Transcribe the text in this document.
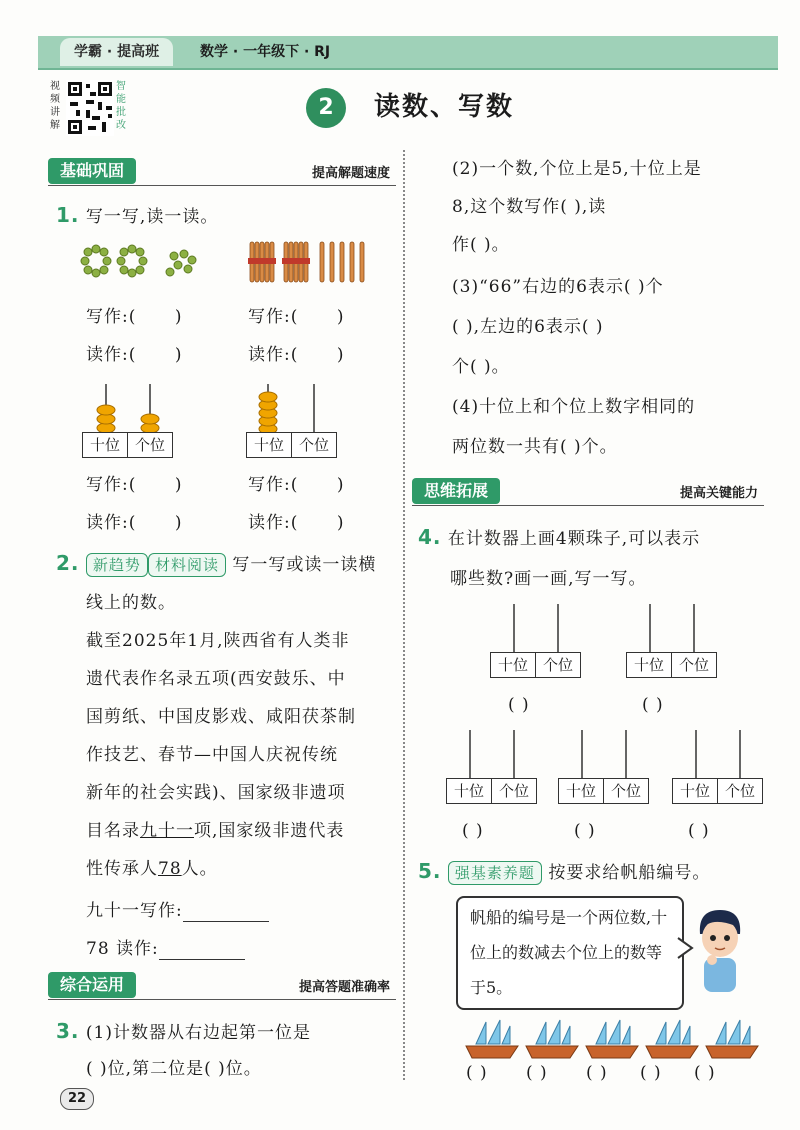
学霸 · 提高班	数学 · 一年级下 · RJ
视频讲解
智能批改
2	读数、写数
基础巩固	提高解题速度
1. 写一写,读一读。
写作:( )
读作:( )
写作:( )
读作:( )
十位 个位	十位 个位
写作:( )
读作:( )
写作:( )
读作:( )
2. 新趋势 材料阅读 写一写或读一读横
线上的数。
截至2025年1月,陕西省有人类非
遗代表作名录五项(西安鼓乐、中
国剪纸、中国皮影戏、咸阳茯茶制
作技艺、春节—中国人庆祝传统
新年的社会实践)、国家级非遗项
目名录九十一项,国家级非遗代表
性传承人78人。
九十一写作:
78 读作:
综合运用	提高答题准确率
3. (1)计数器从右边起第一位是
( )位,第二位是( )位。
22
(2)一个数,个位上是5,十位上是
8,这个数写作( ),读
作( )。
(3)“66”右边的6表示( )个
( ),左边的6表示( )
个( )。
(4)十位上和个位上数字相同的
两位数一共有( )个。
思维拓展	提高关键能力
4. 在计数器上画4颗珠子,可以表示
哪些数?画一画,写一写。
十位 个位
( )
十位 个位
( )
十位 个位
( )
十位 个位
( )
十位 个位
( )
5. 强基素养题 按要求给帆船编号。
帆船的编号是一个两位数,十位上的数减去个位上的数等于5。
( ) ( ) ( ) ( ) ( )
